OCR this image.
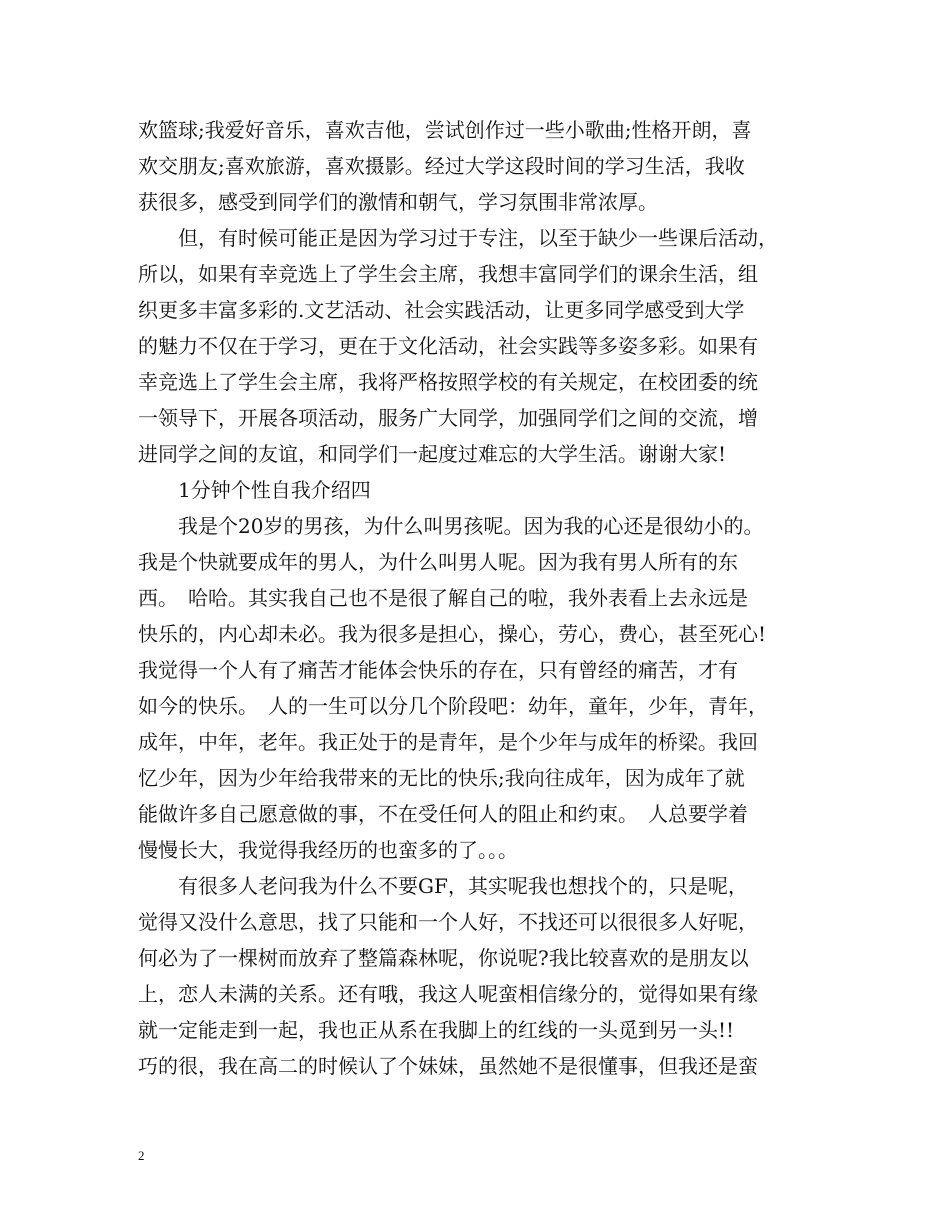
欢篮球;我爱好音乐，喜欢吉他，尝试创作过一些小歌曲;性格开朗，喜
欢交朋友;喜欢旅游，喜欢摄影。经过大学这段时间的学习生活，我收
获很多，感受到同学们的激情和朝气，学习氛围非常浓厚。
　　但，有时候可能正是因为学习过于专注，以至于缺少一些课后活动，
所以，如果有幸竞选上了学生会主席，我想丰富同学们的课余生活，组
织更多丰富多彩的.文艺活动、社会实践活动，让更多同学感受到大学
的魅力不仅在于学习，更在于文化活动，社会实践等多姿多彩。如果有
幸竞选上了学生会主席，我将严格按照学校的有关规定，在校团委的统
一领导下，开展各项活动，服务广大同学，加强同学们之间的交流，增
进同学之间的友谊，和同学们一起度过难忘的大学生活。谢谢大家!
　　1分钟个性自我介绍四
　　我是个20岁的男孩，为什么叫男孩呢。因为我的心还是很幼小的。
我是个快就要成年的男人，为什么叫男人呢。因为我有男人所有的东
西。　哈哈。其实我自己也不是很了解自己的啦，我外表看上去永远是
快乐的，内心却未必。我为很多是担心，操心，劳心，费心，甚至死心!
我觉得一个人有了痛苦才能体会快乐的存在，只有曾经的痛苦，才有
如今的快乐。　人的一生可以分几个阶段吧：幼年，童年，少年，青年，
成年，中年，老年。我正处于的是青年，是个少年与成年的桥梁。我回
忆少年，因为少年给我带来的无比的快乐;我向往成年，因为成年了就
能做许多自己愿意做的事，不在受任何人的阻止和约束。　人总要学着
慢慢长大，我觉得我经历的也蛮多的了。。。
　　有很多人老问我为什么不要GF，其实呢我也想找个的，只是呢，
觉得又没什么意思，找了只能和一个人好，不找还可以很很多人好呢，
何必为了一棵树而放弃了整篇森林呢，你说呢?我比较喜欢的是朋友以
上，恋人未满的关系。还有哦，我这人呢蛮相信缘分的，觉得如果有缘
就一定能走到一起，我也正从系在我脚上的红线的一头觅到另一头!!
巧的很，我在高二的时候认了个妹妹，虽然她不是很懂事，但我还是蛮
2
